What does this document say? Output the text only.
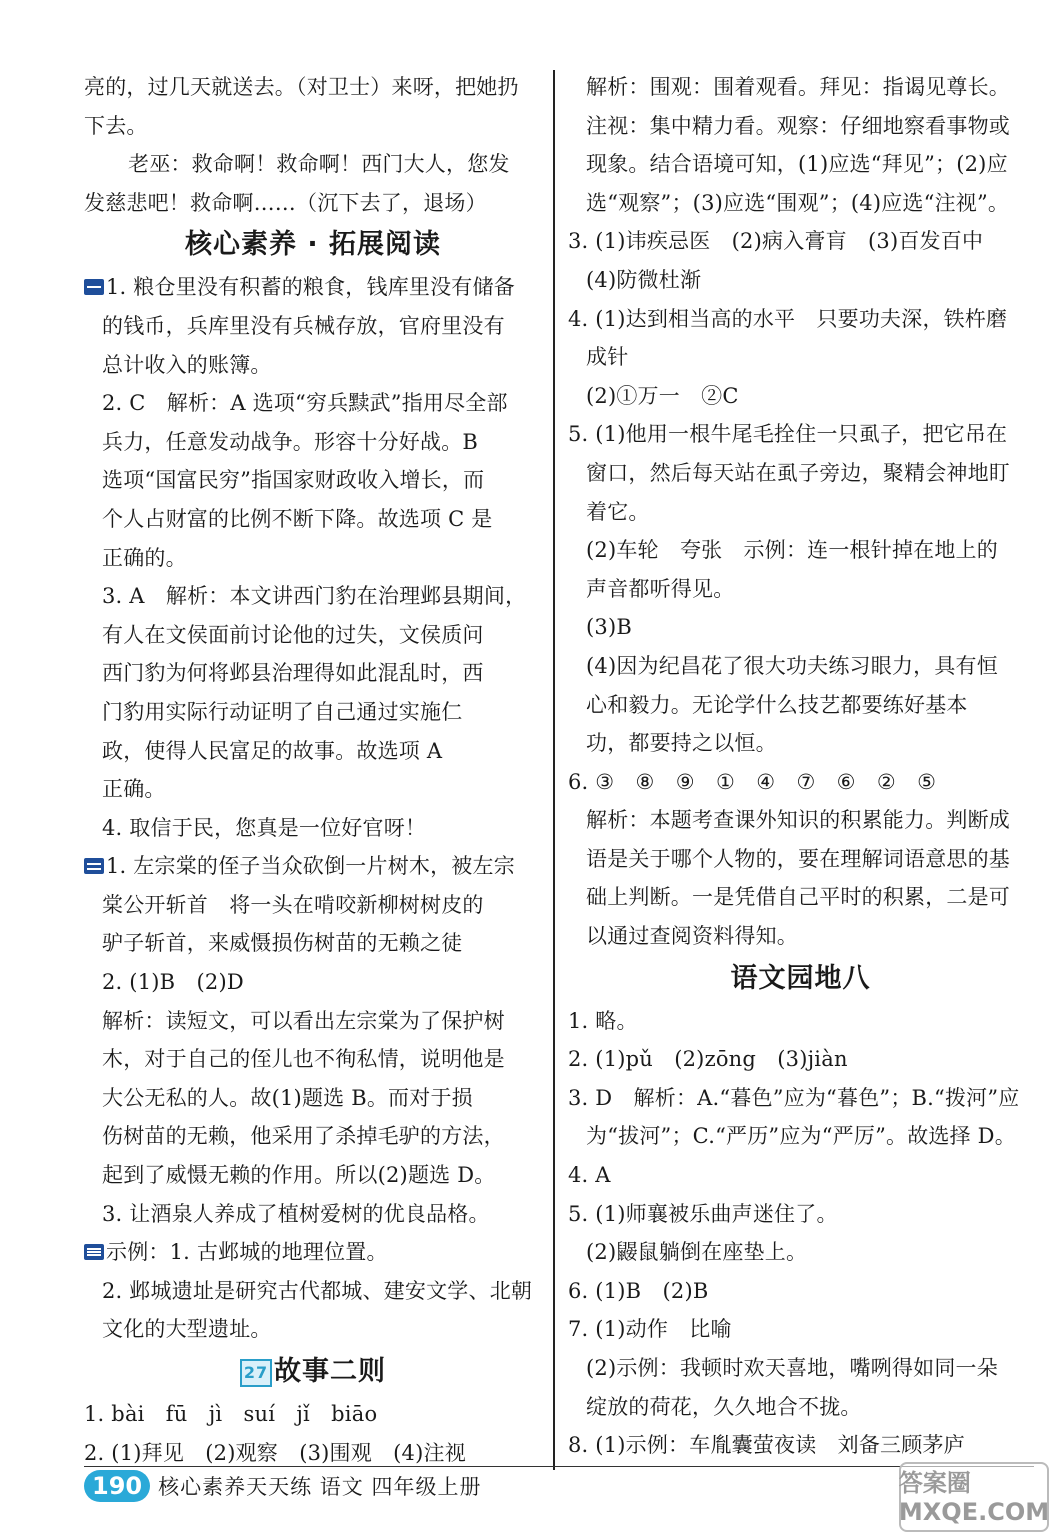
亮的，过几天就送去。（对卫士）来呀，把她扔
下去。
老巫：救命啊！救命啊！西门大人，您发
发慈悲吧！救命啊……（沉下去了，退场）
核心素养 · 拓展阅读
1. 粮仓里没有积蓄的粮食，钱库里没有储备
的钱币，兵库里没有兵械存放，官府里没有
总计收入的账簿。
2. C　解析：A 选项“穷兵黩武”指用尽全部
兵力，任意发动战争。形容十分好战。B
选项“国富民穷”指国家财政收入增长，而
个人占财富的比例不断下降。故选项 C 是
正确的。
3. A　解析：本文讲西门豹在治理邺县期间，
有人在文侯面前讨论他的过失，文侯质问
西门豹为何将邺县治理得如此混乱时，西
门豹用实际行动证明了自己通过实施仁
政，使得人民富足的故事。故选项 A
正确。
4. 取信于民，您真是一位好官呀！
1. 左宗棠的侄子当众砍倒一片树木，被左宗
棠公开斩首　将一头在啃咬新柳树树皮的
驴子斩首，来威慑损伤树苗的无赖之徒
2. (1)B　(2)D
解析：读短文，可以看出左宗棠为了保护树
木，对于自己的侄儿也不徇私情，说明他是
大公无私的人。故(1)题选 B。而对于损
伤树苗的无赖，他采用了杀掉毛驴的方法，
起到了威慑无赖的作用。所以(2)题选 D。
3. 让酒泉人养成了植树爱树的优良品格。
示例：1. 古邺城的地理位置。
2. 邺城遗址是研究古代都城、建安文学、北朝
文化的大型遗址。
27 故事二则
1. bài　fū　jì　suí　jǐ　biāo
2. (1)拜见　(2)观察　(3)围观　(4)注视
解析：围观：围着观看。拜见：指谒见尊长。
注视：集中精力看。观察：仔细地察看事物或
现象。结合语境可知，(1)应选“拜见”；(2)应
选“观察”；(3)应选“围观”；(4)应选“注视”。
3. (1)讳疾忌医　(2)病入膏肓　(3)百发百中
(4)防微杜渐
4. (1)达到相当高的水平　只要功夫深，铁杵磨
成针
(2)①万一　②C
5. (1)他用一根牛尾毛拴住一只虱子，把它吊在
窗口，然后每天站在虱子旁边，聚精会神地盯
着它。
(2)车轮　夸张　示例：连一根针掉在地上的
声音都听得见。
(3)B
(4)因为纪昌花了很大功夫练习眼力，具有恒
心和毅力。无论学什么技艺都要练好基本
功，都要持之以恒。
6. ③　⑧　⑨　①　④　⑦　⑥　②　⑤
解析：本题考查课外知识的积累能力。判断成
语是关于哪个人物的，要在理解词语意思的基
础上判断。一是凭借自己平时的积累，二是可
以通过查阅资料得知。
语文园地八
1. 略。
2. (1)pǔ　(2)zōng　(3)jiàn
3. D　解析：A.“暮色”应为“暮色”；B.“拨河”应
为“拔河”；C.“严历”应为“严厉”。故选择 D。
4. A
5. (1)师襄被乐曲声迷住了。
(2)鼹鼠躺倒在座垫上。
6. (1)B　(2)B
7. (1)动作　比喻
(2)示例：我顿时欢天喜地，嘴咧得如同一朵
绽放的荷花，久久地合不拢。
8. (1)示例：车胤囊萤夜读　刘备三顾茅庐
190 核心素养天天练 语文 四年级上册	答案圈 MXQE.COM
